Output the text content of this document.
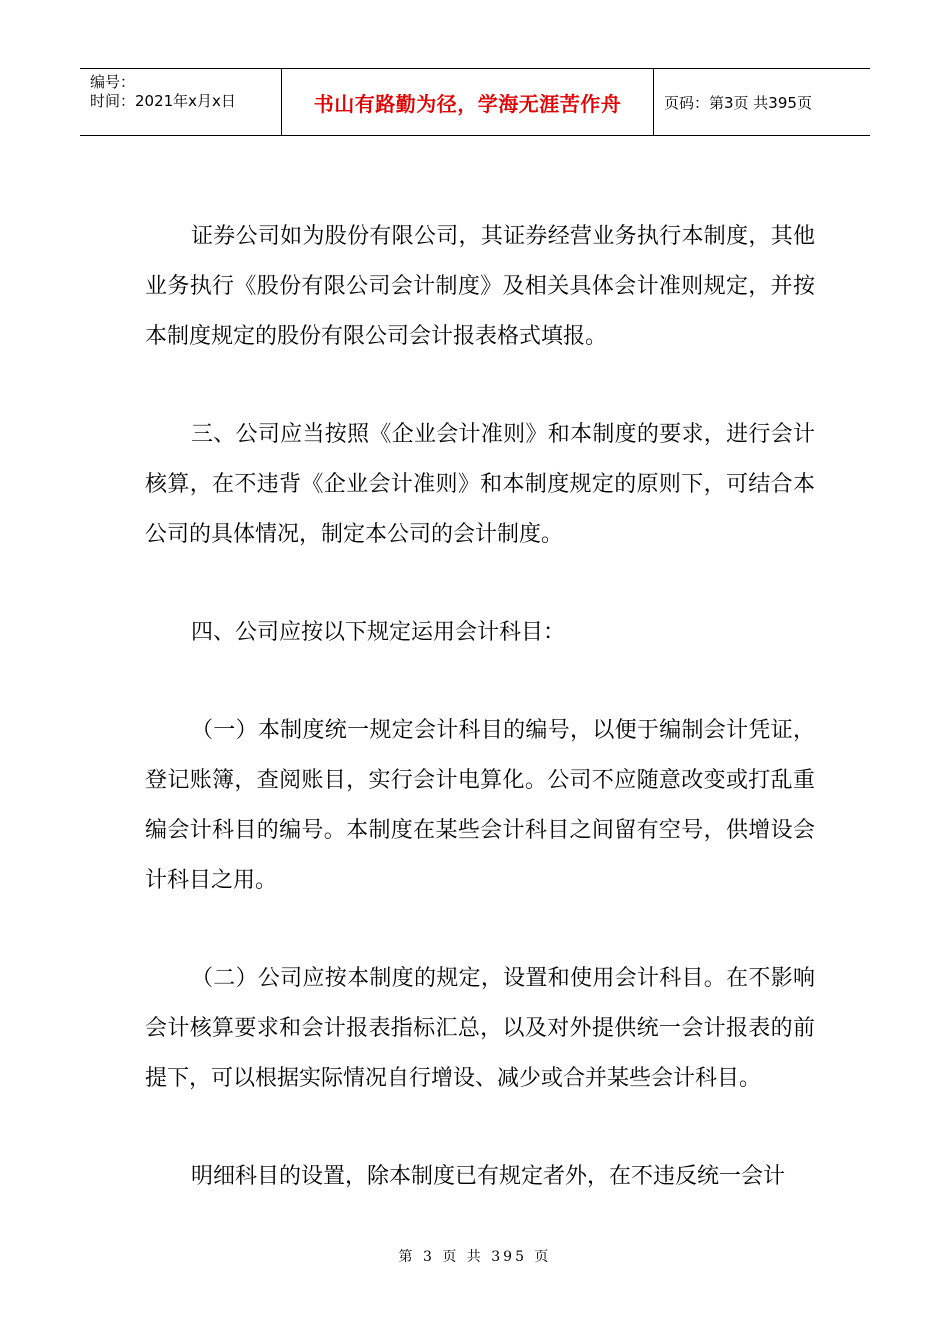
编号：
时间：2021年x月x日	书山有路勤为径，学海无涯苦作舟	页码：第3页 共395页

证券公司如为股份有限公司，其证券经营业务执行本制度，其他业务执行《股份有限公司会计制度》及相关具体会计准则规定，并按本制度规定的股份有限公司会计报表格式填报。

三、公司应当按照《企业会计准则》和本制度的要求，进行会计核算，在不违背《企业会计准则》和本制度规定的原则下，可结合本公司的具体情况，制定本公司的会计制度。

四、公司应按以下规定运用会计科目：

（一）本制度统一规定会计科目的编号，以便于编制会计凭证，登记账簿，查阅账目，实行会计电算化。公司不应随意改变或打乱重编会计科目的编号。本制度在某些会计科目之间留有空号，供增设会计科目之用。

（二）公司应按本制度的规定，设置和使用会计科目。在不影响会计核算要求和会计报表指标汇总，以及对外提供统一会计报表的前提下，可以根据实际情况自行增设、减少或合并某些会计科目。

明细科目的设置，除本制度已有规定者外，在不违反统一会计

第 3 页 共 395 页
